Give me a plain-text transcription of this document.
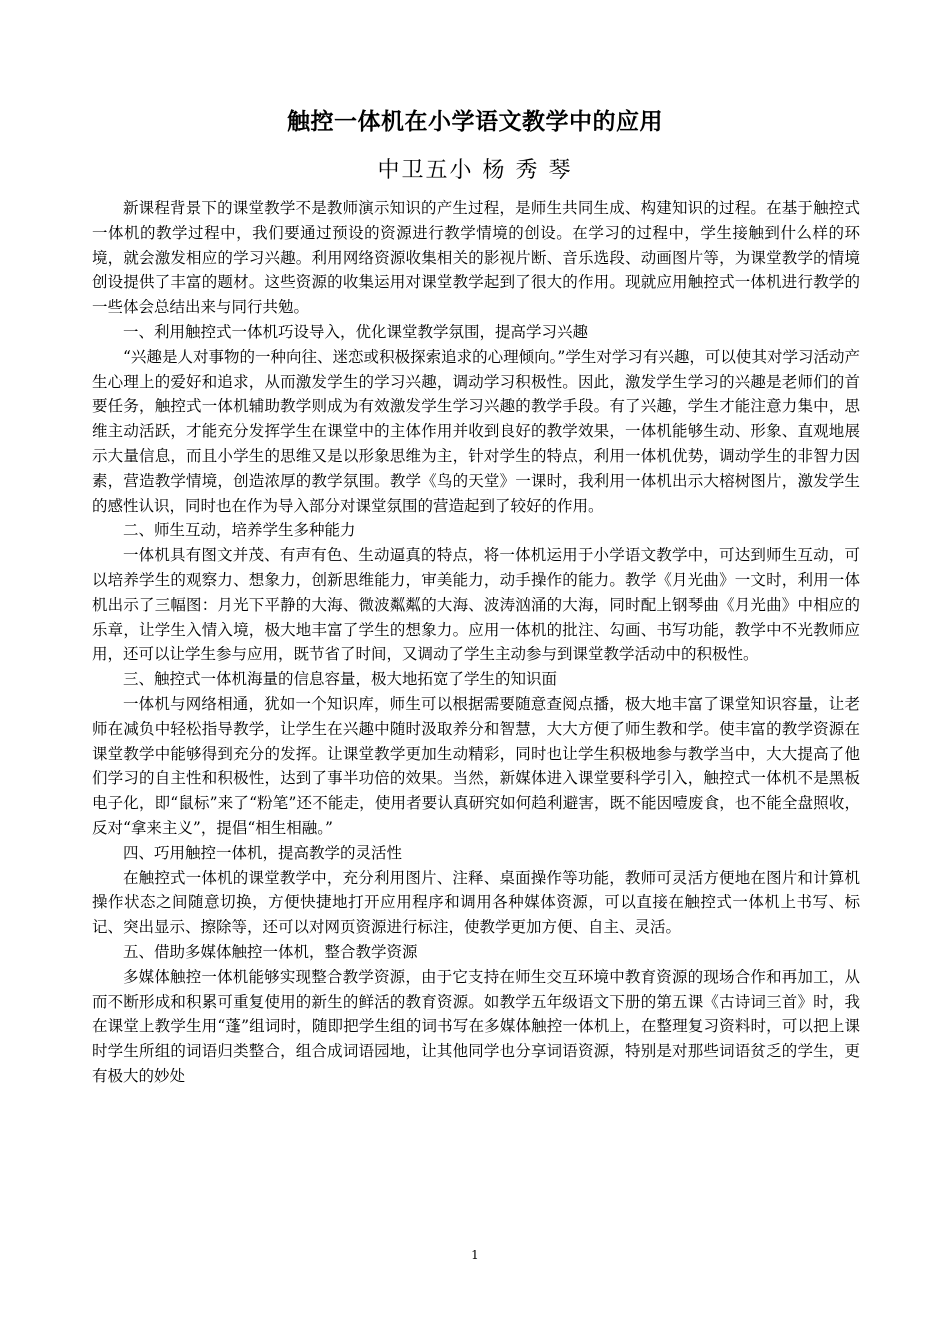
触控一体机在小学语文教学中的应用
中卫五小 杨 秀 琴

新课程背景下的课堂教学不是教师演示知识的产生过程，是师生共同生成、构建知识的过程。在基于触控式一体机的教学过程中，我们要通过预设的资源进行教学情境的创设。在学习的过程中，学生接触到什么样的环境，就会激发相应的学习兴趣。利用网络资源收集相关的影视片断、音乐选段、动画图片等，为课堂教学的情境创设提供了丰富的题材。这些资源的收集运用对课堂教学起到了很大的作用。现就应用触控式一体机进行教学的一些体会总结出来与同行共勉。

一、利用触控式一体机巧设导入，优化课堂教学氛围，提高学习兴趣

“兴趣是人对事物的一种向往、迷恋或积极探索追求的心理倾向。”学生对学习有兴趣，可以使其对学习活动产生心理上的爱好和追求，从而激发学生的学习兴趣，调动学习积极性。因此，激发学生学习的兴趣是老师们的首要任务，触控式一体机辅助教学则成为有效激发学生学习兴趣的教学手段。有了兴趣，学生才能注意力集中，思维主动活跃，才能充分发挥学生在课堂中的主体作用并收到良好的教学效果，一体机能够生动、形象、直观地展示大量信息，而且小学生的思维又是以形象思维为主，针对学生的特点，利用一体机优势，调动学生的非智力因素，营造教学情境，创造浓厚的教学氛围。教学《鸟的天堂》一课时，我利用一体机出示大榕树图片，激发学生的感性认识，同时也在作为导入部分对课堂氛围的营造起到了较好的作用。

二、师生互动，培养学生多种能力

一体机具有图文并茂、有声有色、生动逼真的特点，将一体机运用于小学语文教学中，可达到师生互动，可以培养学生的观察力、想象力，创新思维能力，审美能力，动手操作的能力。教学《月光曲》一文时，利用一体机出示了三幅图：月光下平静的大海、微波粼粼的大海、波涛汹涌的大海，同时配上钢琴曲《月光曲》中相应的乐章，让学生入情入境，极大地丰富了学生的想象力。应用一体机的批注、勾画、书写功能，教学中不光教师应用，还可以让学生参与应用，既节省了时间，又调动了学生主动参与到课堂教学活动中的积极性。

三、触控式一体机海量的信息容量，极大地拓宽了学生的知识面

一体机与网络相通，犹如一个知识库，师生可以根据需要随意查阅点播，极大地丰富了课堂知识容量，让老师在减负中轻松指导教学，让学生在兴趣中随时汲取养分和智慧，大大方便了师生教和学。使丰富的教学资源在课堂教学中能够得到充分的发挥。让课堂教学更加生动精彩，同时也让学生积极地参与教学当中，大大提高了他们学习的自主性和积极性，达到了事半功倍的效果。当然，新媒体进入课堂要科学引入，触控式一体机不是黑板电子化，即“鼠标”来了“粉笔”还不能走，使用者要认真研究如何趋利避害，既不能因噎废食，也不能全盘照收，反对“拿来主义”，提倡“相生相融。”

四、巧用触控一体机，提高教学的灵活性

在触控式一体机的课堂教学中，充分利用图片、注释、桌面操作等功能，教师可灵活方便地在图片和计算机操作状态之间随意切换，方便快捷地打开应用程序和调用各种媒体资源，可以直接在触控式一体机上书写、标记、突出显示、擦除等，还可以对网页资源进行标注，使教学更加方便、自主、灵活。

五、借助多媒体触控一体机，整合教学资源

多媒体触控一体机能够实现整合教学资源，由于它支持在师生交互环境中教育资源的现场合作和再加工，从而不断形成和积累可重复使用的新生的鲜活的教育资源。如教学五年级语文下册的第五课《古诗词三首》时，我在课堂上教学生用“蓬”组词时，随即把学生组的词书写在多媒体触控一体机上，在整理复习资料时，可以把上课时学生所组的词语归类整合，组合成词语园地，让其他同学也分享词语资源，特别是对那些词语贫乏的学生，更有极大的妙处

1
